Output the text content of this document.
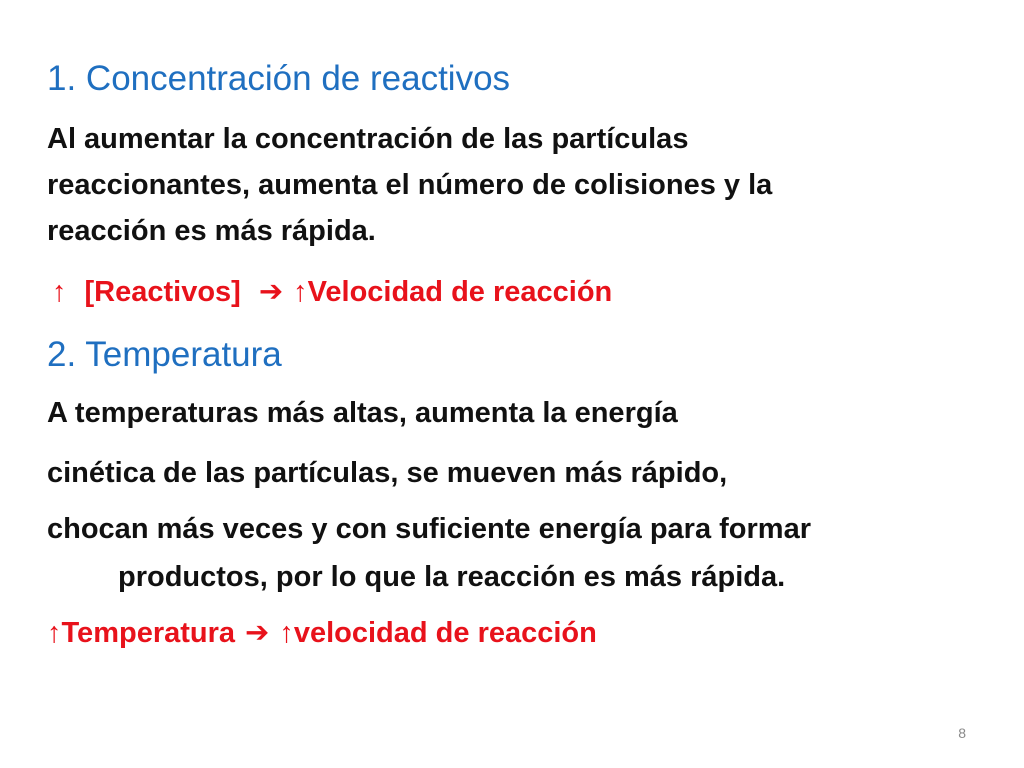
1. Concentración de reactivos
Al aumentar la concentración de las partículas
reaccionantes, aumenta el número de colisiones y la
reacción es más rápida.
↑ [Reactivos] ➔ ↑Velocidad de reacción
2. Temperatura
A temperaturas más altas, aumenta la energía
cinética de las partículas, se mueven más rápido,
chocan más veces y con suficiente energía para formar
productos, por lo que la reacción es más rápida.
↑Temperatura ➔ ↑velocidad de reacción
8
